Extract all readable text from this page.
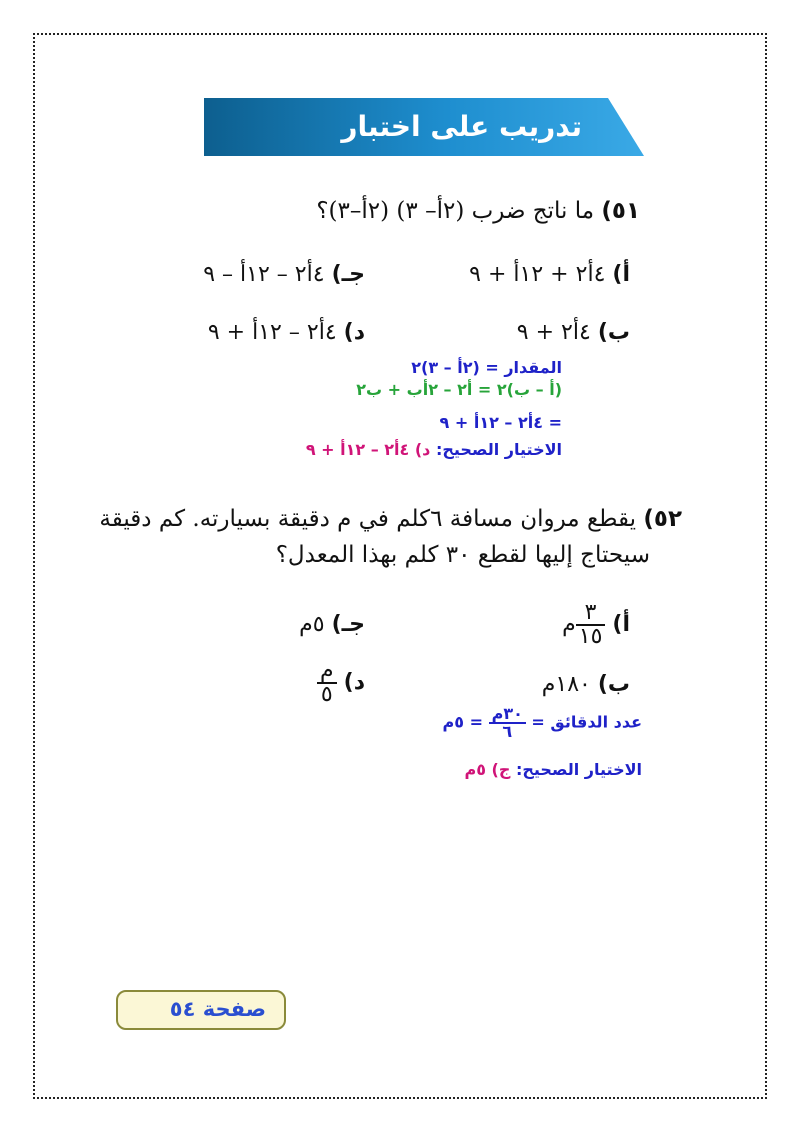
تدريب على اختبار
٥١) ما ناتج ضرب (٢أ– ٣) (٢أ–٣)؟
أ) ٤أ٢ + ١٢أ + ٩
جـ) ٤أ٢ – ١٢أ – ٩
ب) ٤أ٢ + ٩
د) ٤أ٢ – ١٢أ + ٩
المقدار = (٢أ – ٣)٢
(أ – ب)٢ = أ٢ – ٢أب + ب٢
= ٤أ٢ – ١٢أ + ٩
الاختيار الصحيح: د) ٤أ٢ – ١٢أ + ٩
٥٢) يقطع مروان مسافة ٦كلم في م دقيقة بسيارته. كم دقيقة
سيحتاج إليها لقطع ٣٠ كلم بهذا المعدل؟
أ)
$\frac{٣}{١٥}$
م
جـ) ٥م
ب) ١٨٠م
د)
$\frac{\text{م}}{٥}$
عدد الدقائق =
$\frac{\text{٣٠م}}{٦}$
= ٥م
الاختيار الصحيح: ج) ٥م
صفحة ٥٤
